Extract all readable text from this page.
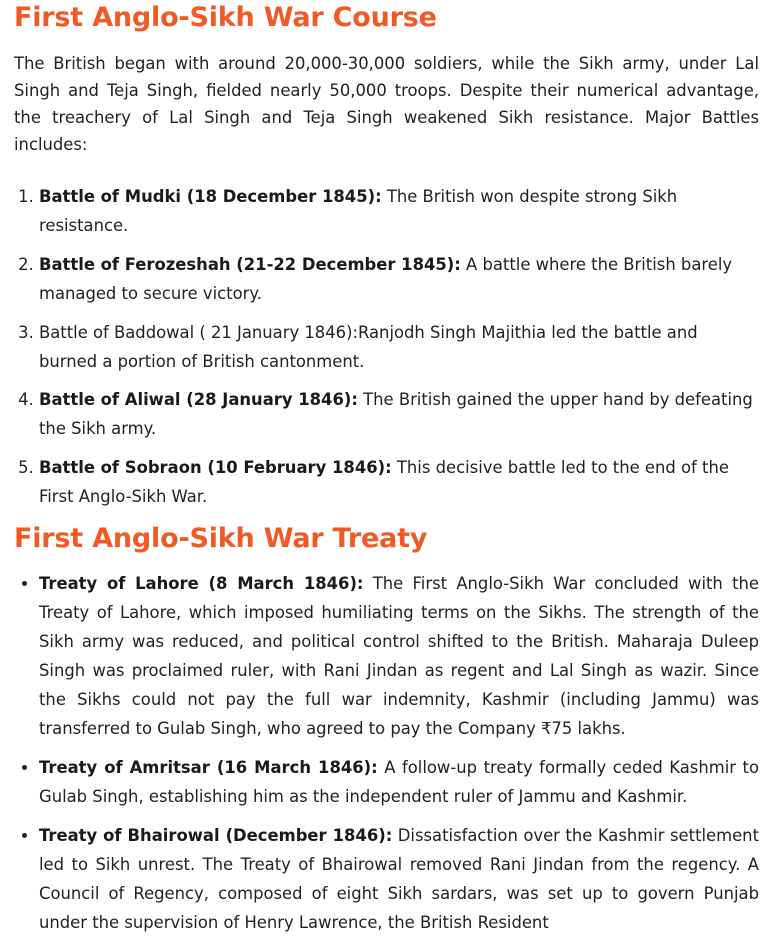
First Anglo-Sikh War Course

The British began with around 20,000-30,000 soldiers, while the Sikh army, under Lal Singh and Teja Singh, fielded nearly 50,000 troops. Despite their numerical advantage, the treachery of Lal Singh and Teja Singh weakened Sikh resistance. Major Battles includes:

1. Battle of Mudki (18 December 1845): The British won despite strong Sikh resistance.
2. Battle of Ferozeshah (21-22 December 1845): A battle where the British barely managed to secure victory.
3. Battle of Baddowal ( 21 January 1846):Ranjodh Singh Majithia led the battle and burned a portion of British cantonment.
4. Battle of Aliwal (28 January 1846): The British gained the upper hand by defeating the Sikh army.
5. Battle of Sobraon (10 February 1846): This decisive battle led to the end of the First Anglo-Sikh War.
First Anglo-Sikh War Treaty
• Treaty of Lahore (8 March 1846): The First Anglo-Sikh War concluded with the Treaty of Lahore, which imposed humiliating terms on the Sikhs. The strength of the Sikh army was reduced, and political control shifted to the British. Maharaja Duleep Singh was proclaimed ruler, with Rani Jindan as regent and Lal Singh as wazir. Since the Sikhs could not pay the full war indemnity, Kashmir (including Jammu) was transferred to Gulab Singh, who agreed to pay the Company ₹75 lakhs.
• Treaty of Amritsar (16 March 1846): A follow-up treaty formally ceded Kashmir to Gulab Singh, establishing him as the independent ruler of Jammu and Kashmir.
• Treaty of Bhairowal (December 1846): Dissatisfaction over the Kashmir settlement led to Sikh unrest. The Treaty of Bhairowal removed Rani Jindan from the regency. A Council of Regency, composed of eight Sikh sardars, was set up to govern Punjab under the supervision of Henry Lawrence, the British Resident
